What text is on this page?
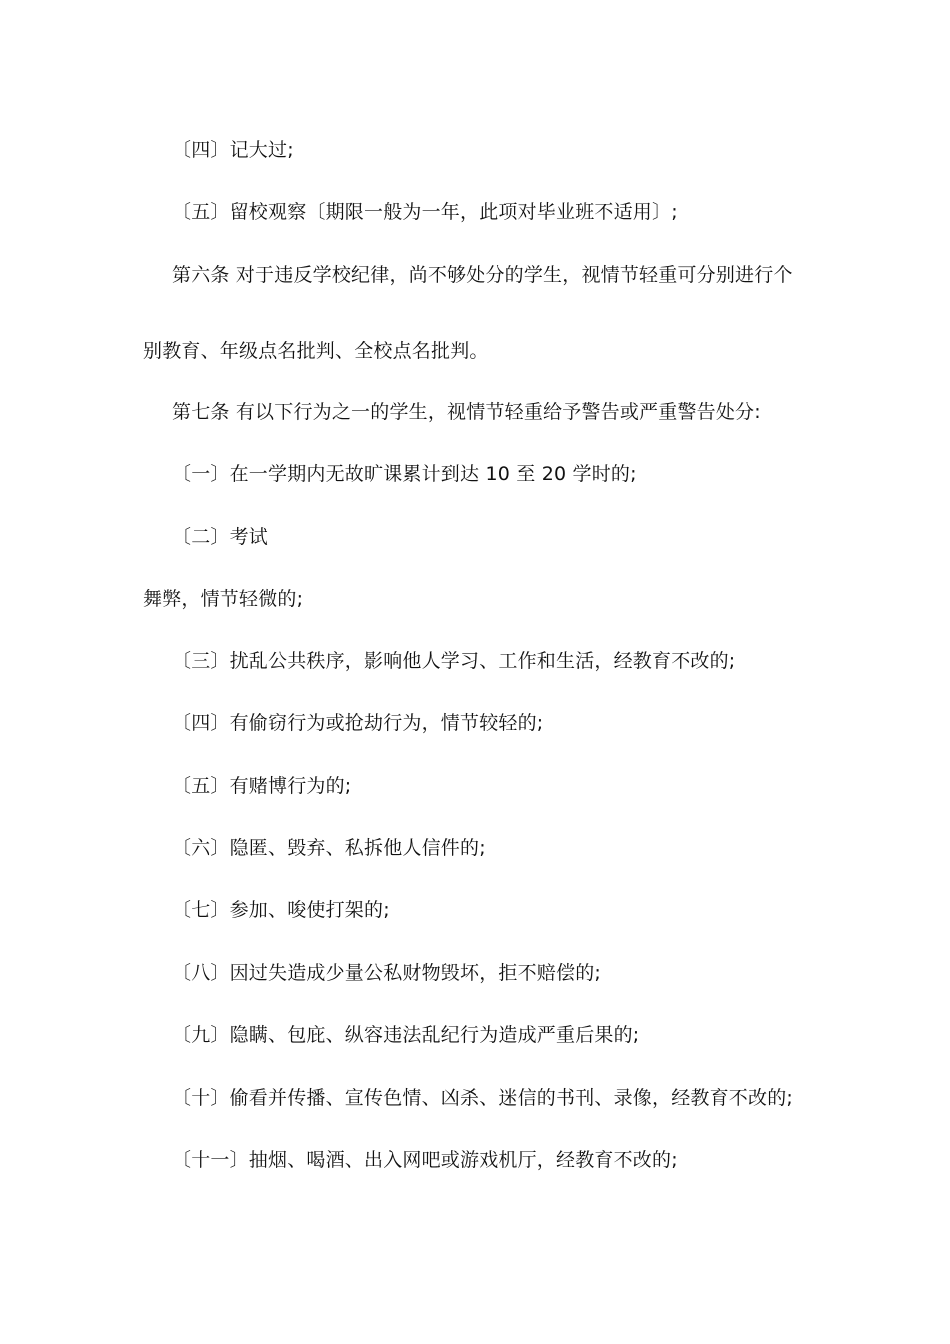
〔四〕记大过;
〔五〕留校观察〔期限一般为一年，此项对毕业班不适用〕;
第六条 对于违反学校纪律，尚不够处分的学生，视情节轻重可分别进行个
别教育、年级点名批判、全校点名批判。
第七条 有以下行为之一的学生，视情节轻重给予警告或严重警告处分:
〔一〕在一学期内无故旷课累计到达 10 至 20 学时的;
〔二〕考试
舞弊，情节轻微的;
〔三〕扰乱公共秩序，影响他人学习、工作和生活，经教育不改的;
〔四〕有偷窃行为或抢劫行为，情节较轻的;
〔五〕有赌博行为的;
〔六〕隐匿、毁弃、私拆他人信件的;
〔七〕参加、唆使打架的;
〔八〕因过失造成少量公私财物毁坏，拒不赔偿的;
〔九〕隐瞒、包庇、纵容违法乱纪行为造成严重后果的;
〔十〕偷看并传播、宣传色情、凶杀、迷信的书刊、录像，经教育不改的;
〔十一〕抽烟、喝酒、出入网吧或游戏机厅，经教育不改的;
